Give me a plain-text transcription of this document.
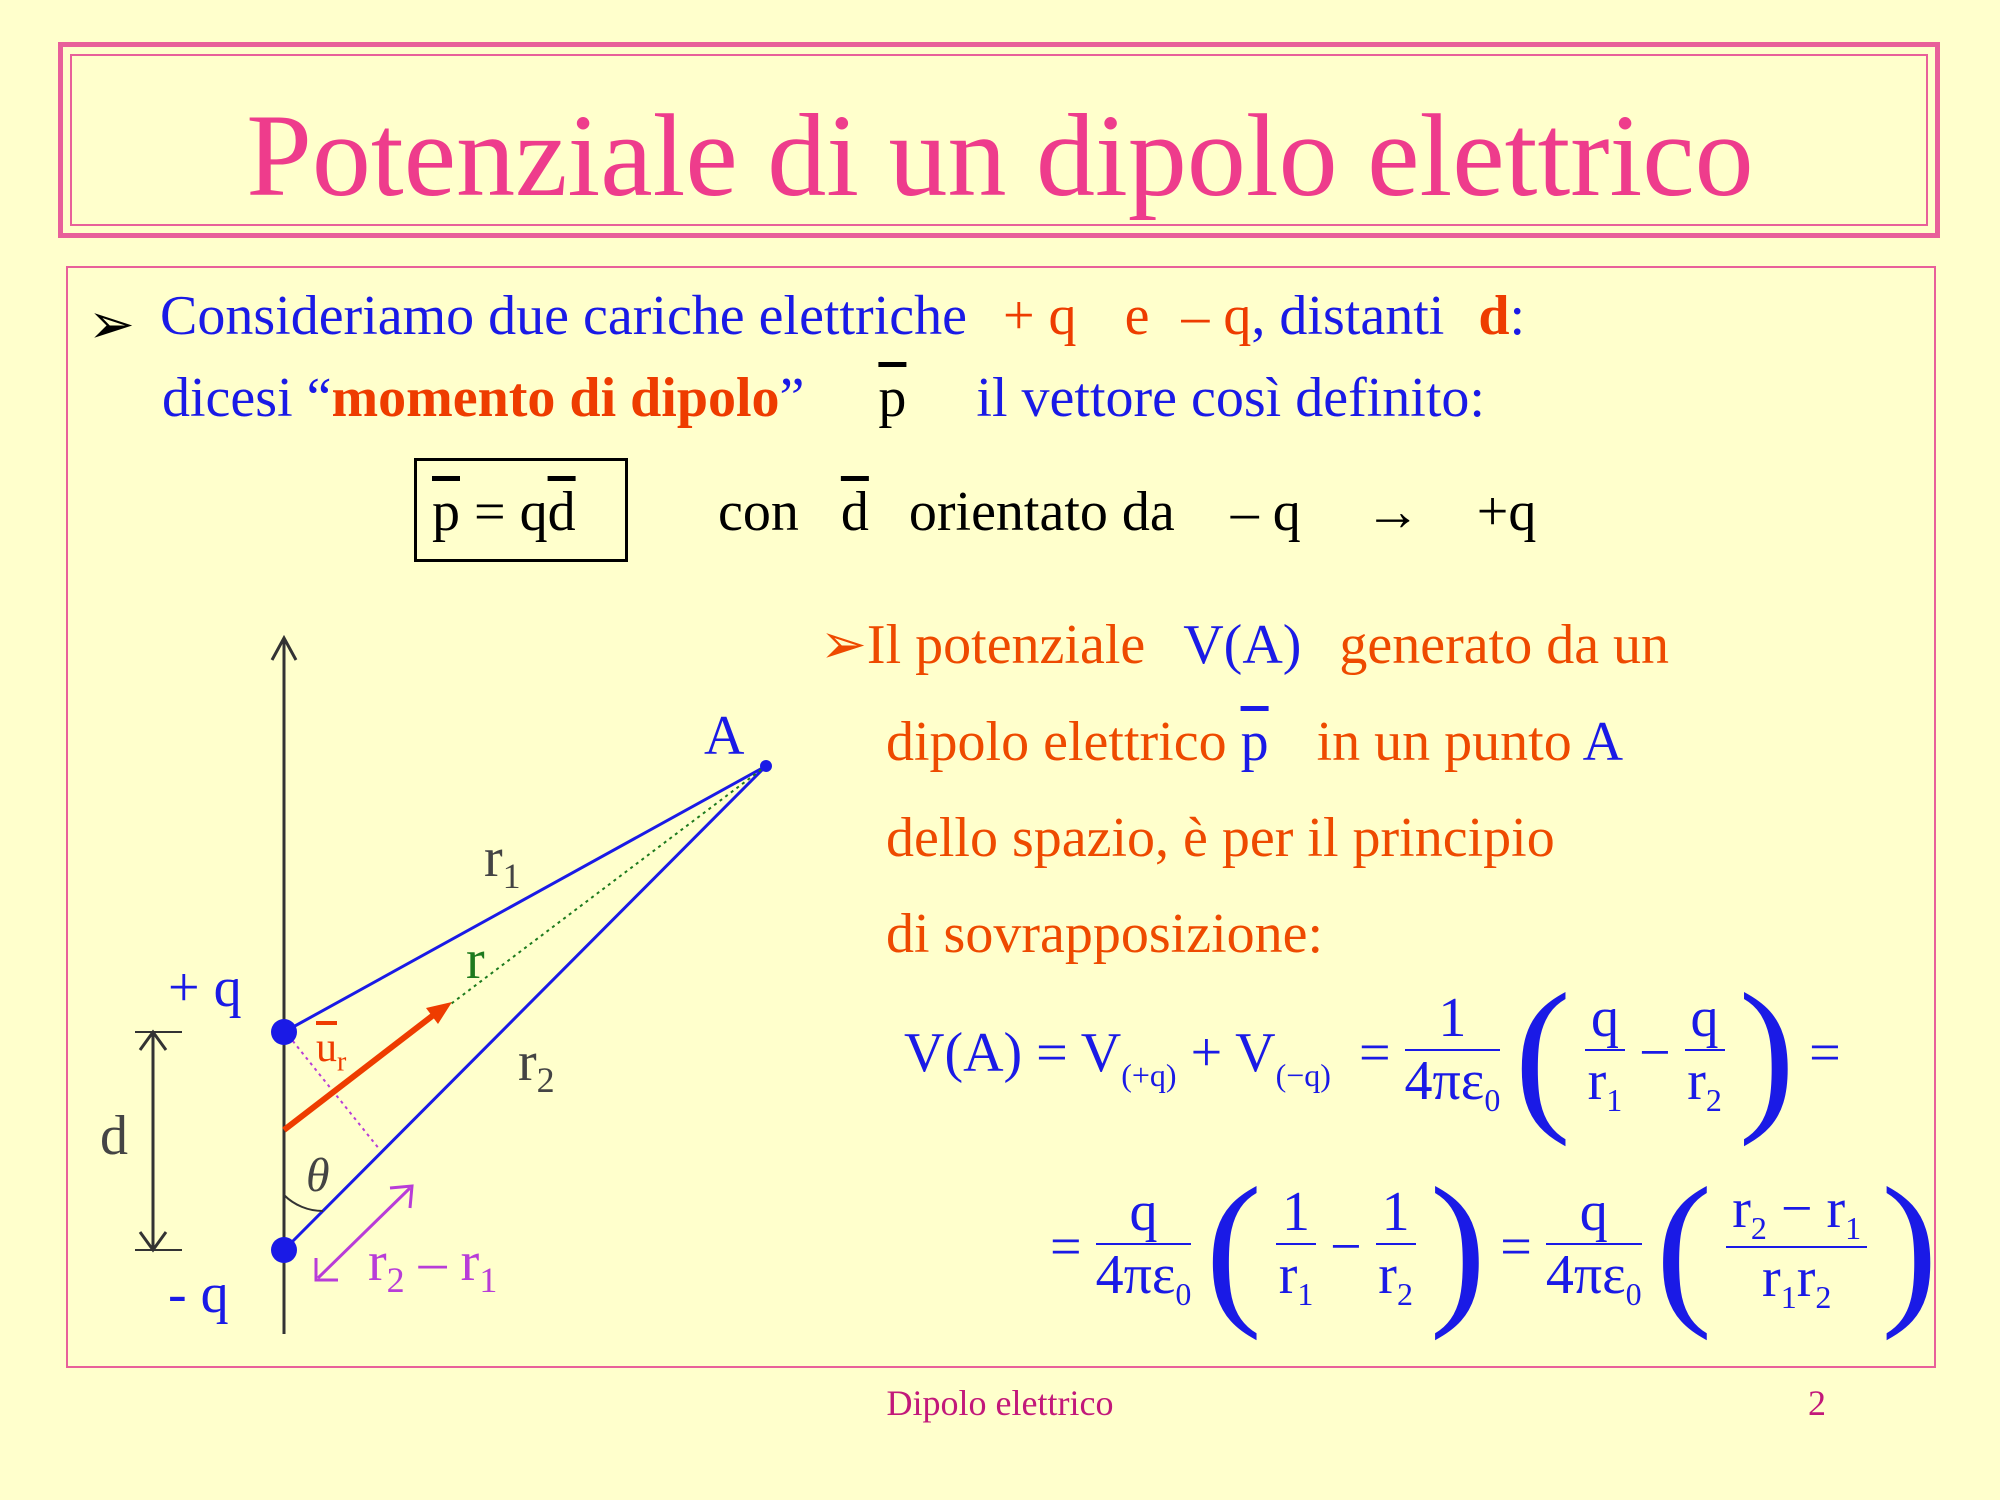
Potenziale di un dipolo elettrico
➢ Consideriamo due cariche elettriche + q e – q, distanti d:
dicesi “momento di dipolo” $\overline{p}$ il vettore così definito:
$\overline{p} = q\overline{d}$	con $\overline{d}$ orientato da – q → +q
A
$r_1$
r
$r_2$
+ q
- q
d
$\overline{u}_r$
θ
$r_2 - r_1$
➢Il potenziale V(A) generato da un
dipolo elettrico $\overline{p}$ in un punto A
dello spazio, è per il principio
di sovrapposizione:
$V(A) = V_{(+q)} + V_{(-q)} = \frac{1}{4\pi\varepsilon_0}$ ( $\frac{q}{r_1} - \frac{q}{r_2}$ ) =
= $\frac{q}{4\pi\varepsilon_0}$ ( $\frac{1}{r_1} - \frac{1}{r_2}$ ) = $\frac{q}{4\pi\varepsilon_0}$ ( $\frac{r_2 - r_1}{r_1r_2}$ )
Dipolo elettrico	2
